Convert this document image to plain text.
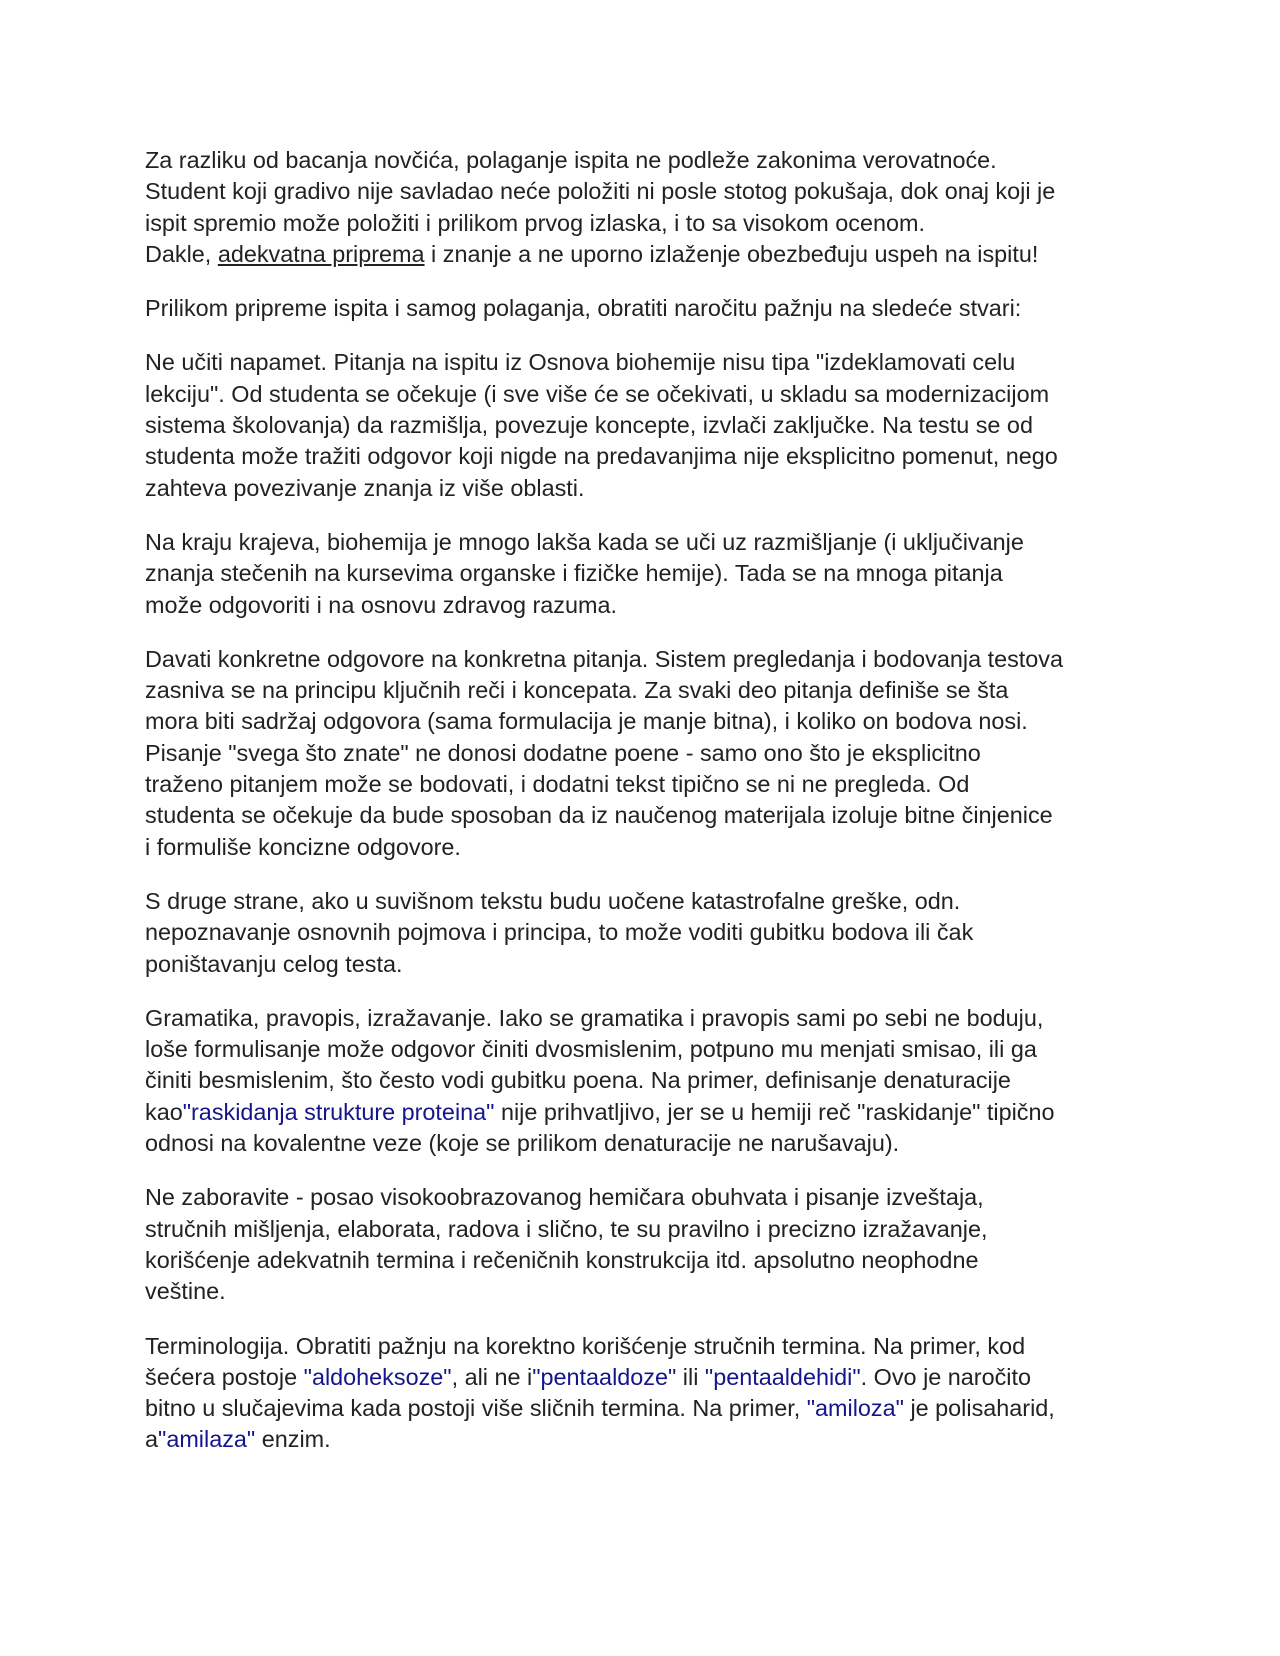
Za razliku od bacanja novčića, polaganje ispita ne podleže zakonima verovatnoće.
Student koji gradivo nije savladao neće položiti ni posle stotog pokušaja, dok onaj koji je
ispit spremio može položiti i prilikom prvog izlaska, i to sa visokom ocenom.
Dakle, adekvatna priprema i znanje a ne uporno izlaženje obezbeđuju uspeh na ispitu!

Prilikom pripreme ispita i samog polaganja, obratiti naročitu pažnju na sledeće stvari:

Ne učiti napamet. Pitanja na ispitu iz Osnova biohemije nisu tipa "izdeklamovati celu
lekciju". Od studenta se očekuje (i sve više će se očekivati, u skladu sa modernizacijom
sistema školovanja) da razmišlja, povezuje koncepte, izvlači zaključke. Na testu se od
studenta može tražiti odgovor koji nigde na predavanjima nije eksplicitno pomenut, nego
zahteva povezivanje znanja iz više oblasti.

Na kraju krajeva, biohemija je mnogo lakša kada se uči uz razmišljanje (i uključivanje
znanja stečenih na kursevima organske i fizičke hemije). Tada se na mnoga pitanja
može odgovoriti i na osnovu zdravog razuma.

Davati konkretne odgovore na konkretna pitanja. Sistem pregledanja i bodovanja testova
zasniva se na principu ključnih reči i koncepata. Za svaki deo pitanja definiše se šta
mora biti sadržaj odgovora (sama formulacija je manje bitna), i koliko on bodova nosi.
Pisanje "svega što znate" ne donosi dodatne poene - samo ono što je eksplicitno
traženo pitanjem može se bodovati, i dodatni tekst tipično se ni ne pregleda. Od
studenta se očekuje da bude sposoban da iz naučenog materijala izoluje bitne činjenice
i formuliše koncizne odgovore.

S druge strane, ako u suvišnom tekstu budu uočene katastrofalne greške, odn.
nepoznavanje osnovnih pojmova i principa, to može voditi gubitku bodova ili čak
poništavanju celog testa.

Gramatika, pravopis, izražavanje. Iako se gramatika i pravopis sami po sebi ne boduju,
loše formulisanje može odgovor činiti dvosmislenim, potpuno mu menjati smisao, ili ga
činiti besmislenim, što često vodi gubitku poena. Na primer, definisanje denaturacije
kao"raskidanja strukture proteina" nije prihvatljivo, jer se u hemiji reč "raskidanje" tipično
odnosi na kovalentne veze (koje se prilikom denaturacije ne narušavaju).

Ne zaboravite - posao visokoobrazovanog hemičara obuhvata i pisanje izveštaja,
stručnih mišljenja, elaborata, radova i slično, te su pravilno i precizno izražavanje,
korišćenje adekvatnih termina i rečeničnih konstrukcija itd. apsolutno neophodne
veštine.

Terminologija. Obratiti pažnju na korektno korišćenje stručnih termina. Na primer, kod
šećera postoje "aldoheksoze", ali ne i"pentaaldoze" ili "pentaaldehidi". Ovo je naročito
bitno u slučajevima kada postoji više sličnih termina. Na primer, "amiloza" je polisaharid,
a"amilaza" enzim.
